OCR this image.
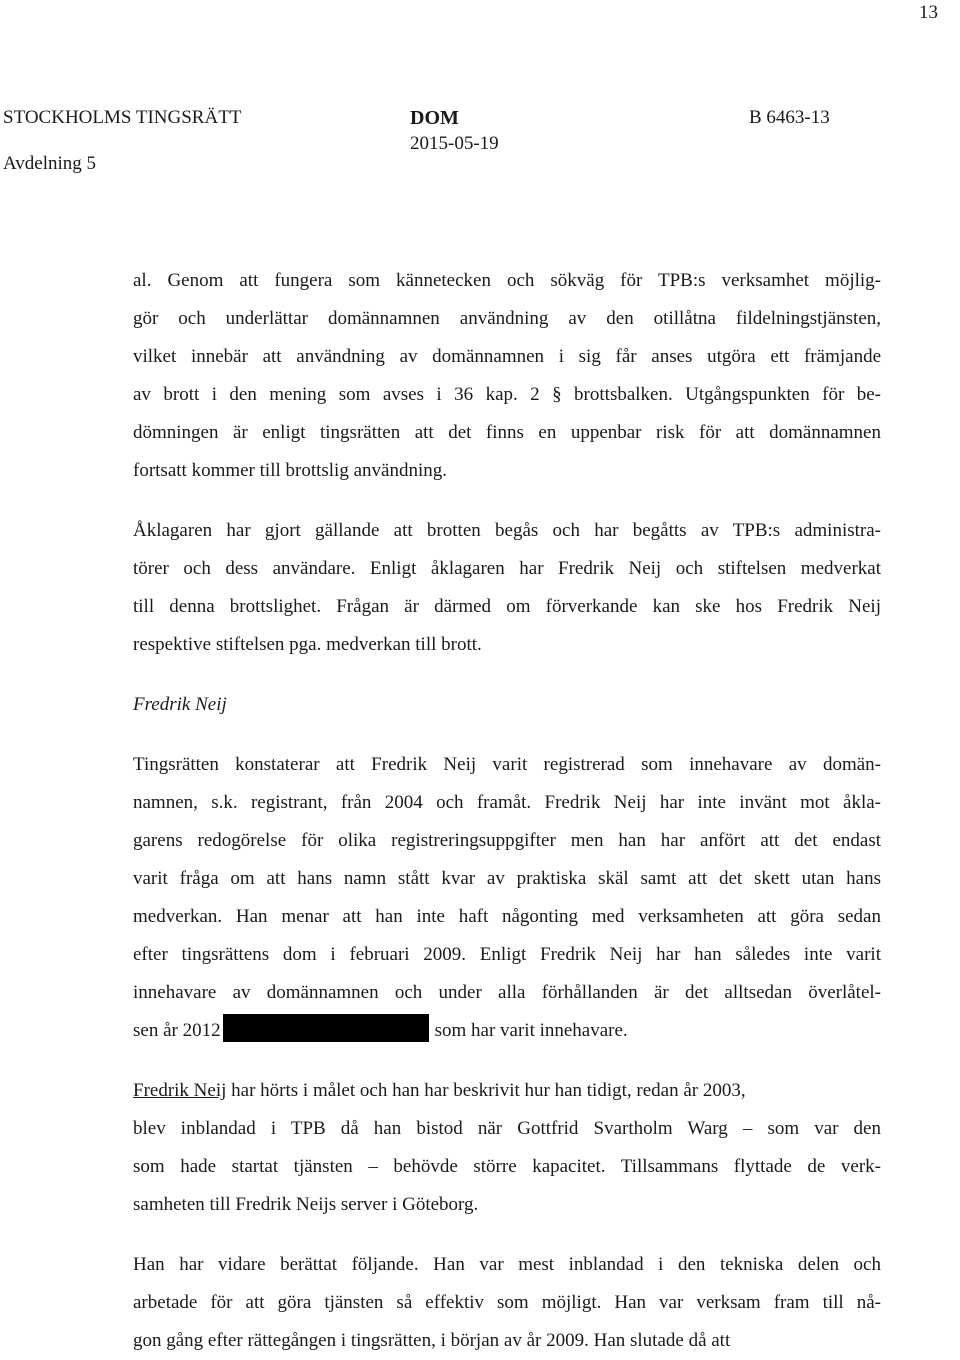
13
STOCKHOLMS TINGSRÄTT
Avdelning 5
DOM
2015-05-19
B 6463-13
al. Genom att fungera som kännetecken och sökväg för TPB:s verksamhet möjlig-
gör och underlättar domännamnen användning av den otillåtna fildelningstjänsten,
vilket innebär att användning av domännamnen i sig får anses utgöra ett främjande
av brott i den mening som avses i 36 kap. 2 § brottsbalken. Utgångspunkten för be-
dömningen är enligt tingsrätten att det finns en uppenbar risk för att domännamnen
fortsatt kommer till brottslig användning.
Åklagaren har gjort gällande att brotten begås och har begåtts av TPB:s administra-
törer och dess användare. Enligt åklagaren har Fredrik Neij och stiftelsen medverkat
till denna brottslighet. Frågan är därmed om förverkande kan ske hos Fredrik Neij
respektive stiftelsen pga. medverkan till brott.
Fredrik Neij
Tingsrätten konstaterar att Fredrik Neij varit registrerad som innehavare av domän-
namnen, s.k. registrant, från 2004 och framåt. Fredrik Neij har inte invänt mot åkla-
garens redogörelse för olika registreringsuppgifter men han har anfört att det endast
varit fråga om att hans namn stått kvar av praktiska skäl samt att det skett utan hans
medverkan. Han menar att han inte haft någonting med verksamheten att göra sedan
efter tingsrättens dom i februari 2009. Enligt Fredrik Neij har han således inte varit
innehavare av domännamnen och under alla förhållanden är det alltsedan överlåtel-
sen år 2012	som har varit innehavare.
Fredrik Neij har hörts i målet och han har beskrivit hur han tidigt, redan år 2003,
blev inblandad i TPB då han bistod när Gottfrid Svartholm Warg – som var den
som hade startat tjänsten – behövde större kapacitet. Tillsammans flyttade de verk-
samheten till Fredrik Neijs server i Göteborg.
Han har vidare berättat följande. Han var mest inblandad i den tekniska delen och
arbetade för att göra tjänsten så effektiv som möjligt. Han var verksam fram till nå-
gon gång efter rättegången i tingsrätten, i början av år 2009. Han slutade då att
